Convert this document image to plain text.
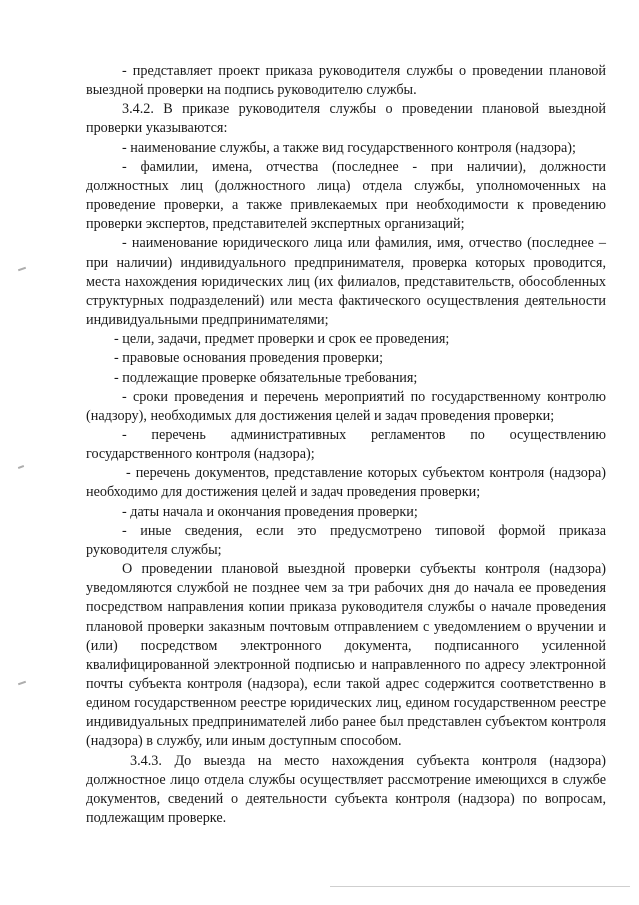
- представляет проект приказа руководителя службы о проведении плановой выездной проверки на подпись руководителю службы.

3.4.2. В приказе руководителя службы о проведении плановой выездной проверки указываются:

- наименование службы, а также вид государственного контроля (надзора);

- фамилии, имена, отчества (последнее - при наличии), должности должностных лиц (должностного лица) отдела службы, уполномоченных на проведение проверки, а также привлекаемых при необходимости к проведению проверки экспертов, представителей экспертных организаций;

- наименование юридического лица или фамилия, имя, отчество (последнее – при наличии) индивидуального предпринимателя, проверка которых проводится, места нахождения юридических лиц (их филиалов, представительств, обособленных структурных подразделений) или места фактического осуществления деятельности индивидуальными предпринимателями;

- цели, задачи, предмет проверки и срок ее проведения;

- правовые основания проведения проверки;

- подлежащие проверке обязательные требования;

- сроки проведения и перечень мероприятий по государственному контролю (надзору), необходимых для достижения целей и задач проведения проверки;

- перечень административных регламентов по осуществлению государственного контроля (надзора);

- перечень документов, представление которых субъектом контроля (надзора) необходимо для достижения целей и задач проведения проверки;

- даты начала и окончания проведения проверки;

- иные сведения, если это предусмотрено типовой формой приказа руководителя службы;

О проведении плановой выездной проверки субъекты контроля (надзора) уведомляются службой не позднее чем за три рабочих дня до начала ее проведения посредством направления копии приказа руководителя службы о начале проведения плановой проверки заказным почтовым отправлением с уведомлением о вручении и (или) посредством электронного документа, подписанного усиленной квалифицированной электронной подписью и направленного по адресу электронной почты субъекта контроля (надзора), если такой адрес содержится соответственно в едином государственном реестре юридических лиц, едином государственном реестре индивидуальных предпринимателей либо ранее был представлен субъектом контроля (надзора) в службу, или иным доступным способом.

3.4.3. До выезда на место нахождения субъекта контроля (надзора) должностное лицо отдела службы осуществляет рассмотрение имеющихся в службе документов, сведений о деятельности субъекта контроля (надзора) по вопросам, подлежащим проверке.
